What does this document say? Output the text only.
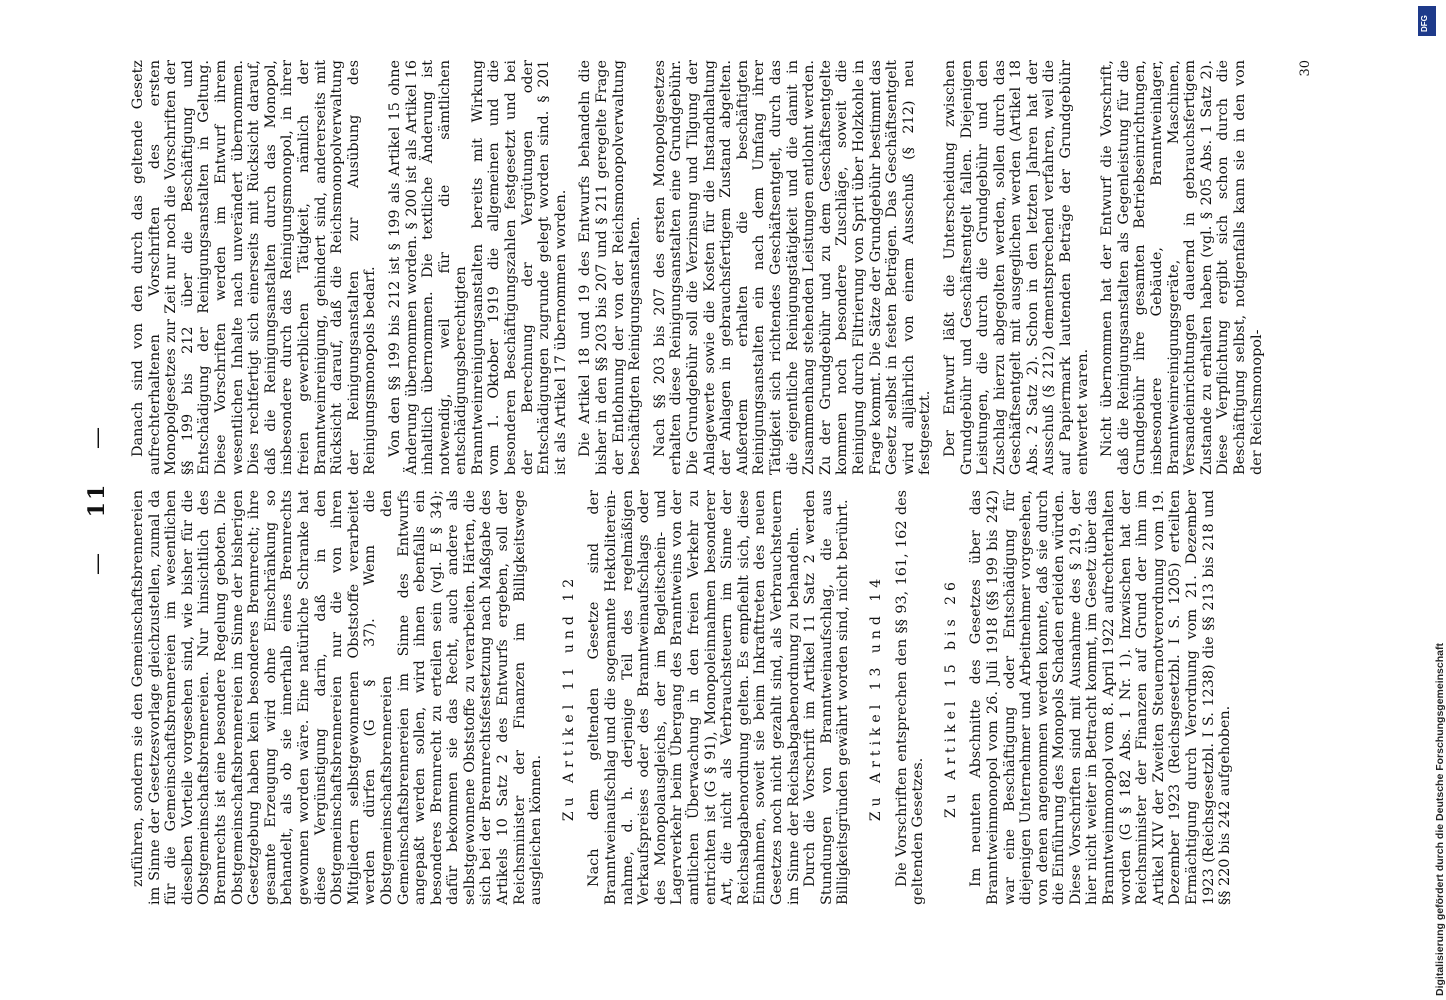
— 11 —

zuführen, sondern sie den Gemeinschaftsbrennereien im Sinne der Gesetzesvorlage gleichzustellen, zumal da für die Gemeinschaftsbrennereien im wesentlichen dieselben Vorteile vorgesehen sind, wie bisher für die Obstgemeinschaftsbrennereien. Nur hinsichtlich des Brennrechts ist eine besondere Regelung geboten. Die Obstgemeinschaftsbrennereien im Sinne der bisherigen Gesetzgebung haben kein besonderes Brennrecht; ihre gesamte Erzeugung wird ohne Einschränkung so behandelt, als ob sie innerhalb eines Brennrechts gewonnen worden wäre. Eine natürliche Schranke hat diese Vergünstigung darin, daß in den Obstgemeinschaftsbrennereien nur die von ihren Mitgliedern selbstgewonnenen Obststoffe verarbeitet werden dürfen (G § 37). Wenn die Obstgemeinschaftsbrennereien den Gemeinschaftsbrennereien im Sinne des Entwurfs angepaßt werden sollen, wird ihnen ebenfalls ein besonderes Brennrecht zu erteilen sein (vgl. E § 34); dafür bekommen sie das Recht, auch andere als selbstgewonnene Obststoffe zu verarbeiten. Härten, die sich bei der Brennrechtsfestsetzung nach Maßgabe des Artikels 10 Satz 2 des Entwurfs ergeben, soll der Reichsminister der Finanzen im Billigkeitswege ausgleichen können.

Zu Artikel 11 und 12 Nach dem geltenden Gesetze sind der Branntweinaufschlag und die sogenannte Hektolitereinnahme, d. h. derjenige Teil des regelmäßigen Verkaufspreises oder des Branntweinaufschlags oder des Monopolausgleichs, der im Begleitschein- und Lagerverkehr beim Übergang des Branntweins von der amtlichen Überwachung in den freien Verkehr zu entrichten ist (G § 91), Monopoleinnahmen besonderer Art, die nicht als Verbrauchsteuern im Sinne der Reichsabgabenordnung gelten. Es empfiehlt sich, diese Einnahmen, soweit sie beim Inkrafttreten des neuen Gesetzes noch nicht gezahlt sind, als Verbrauchsteuern im Sinne der Reichsabgabenordnung zu behandeln. Durch die Vorschrift im Artikel 11 Satz 2 werden Stundungen von Branntweinaufschlag, die aus Billigkeitsgründen gewährt worden sind, nicht berührt. Zu Artikel 13 und 14 Die Vorschriften entsprechen den §§ 93, 161, 162 des geltenden Gesetzes.

Zu Artikel 15 bis 26 Im neunten Abschnitte des Gesetzes über das Branntweinmonopol vom 26. Juli 1918 (§§ 199 bis 242) war eine Beschäftigung oder Entschädigung für diejenigen Unternehmer und Arbeitnehmer vorgesehen, von denen angenommen werden konnte, daß sie durch die Einführung des Monopols Schaden erleiden würden. Diese Vorschriften sind mit Ausnahme des § 219, der hier nicht weiter in Betracht kommt, im Gesetz über das Branntweinmonopol vom 8. April 1922 aufrechterhalten worden (G § 182 Abs. 1 Nr. 1). Inzwischen hat der Reichsminister der Finanzen auf Grund der ihm im Artikel XIV der Zweiten Steuernotverordnung vom 19. Dezember 1923 (Reichsgesetzbl. I S. 1205) erteilten Ermächtigung durch Verordnung vom 21. Dezember 1923 (Reichsgesetzbl. I S. 1238) die §§ 213 bis 218 und §§ 220 bis 242 aufgehoben.

Danach sind von den durch das geltende Gesetz aufrechterhaltenen Vorschriften des ersten Monopolgesetzes zur Zeit nur noch die Vorschriften der §§ 199 bis 212 über die Beschäftigung und Entschädigung der Reinigungsanstalten in Geltung. Diese Vorschriften werden im Entwurf ihrem wesentlichen Inhalte nach unverändert übernommen. Dies rechtfertigt sich einerseits mit Rücksicht darauf, daß die Reinigungsanstalten durch das Monopol, insbesondere durch das Reinigungsmonopol, in ihrer freien gewerblichen Tätigkeit, nämlich der Branntweinreinigung, gehindert sind, andererseits mit Rücksicht darauf, daß die Reichsmonopolverwaltung der Reinigungsanstalten zur Ausübung des Reinigungsmonopols bedarf. Von den §§ 199 bis 212 ist § 199 als Artikel 15 ohne Änderung übernommen worden. § 200 ist als Artikel 16 inhaltlich übernommen. Die textliche Änderung ist notwendig, weil für die sämtlichen entschädigungsberechtigten Branntweinreinigungsanstalten bereits mit Wirkung vom 1. Oktober 1919 die allgemeinen und die besonderen Beschäftigungszahlen festgesetzt und bei der Berechnung der Vergütungen oder Entschädigungen zugrunde gelegt worden sind. § 201 ist als Artikel 17 übernommen worden. Die Artikel 18 und 19 des Entwurfs behandeln die bisher in den §§ 203 bis 207 und § 211 geregelte Frage der Entlohnung der von der Reichsmonopolverwaltung beschäftigten Reinigungsanstalten. Nach §§ 203 bis 207 des ersten Monopolgesetzes erhalten diese Reinigungsanstalten eine Grundgebühr. Die Grundgebühr soll die Verzinsung und Tilgung der Anlagewerte sowie die Kosten für die Instandhaltung der Anlagen in gebrauchsfertigem Zustand abgelten. Außerdem erhalten die beschäftigten Reinigungsanstalten ein nach dem Umfang ihrer Tätigkeit sich richtendes Geschäftsentgelt, durch das die eigentliche Reinigungstätigkeit und die damit in Zusammenhang stehenden Leistungen entlohnt werden. Zu der Grundgebühr und zu dem Geschäftsentgelte kommen noch besondere Zuschläge, soweit die Reinigung durch Filtrierung von Sprit über Holzkohle in Frage kommt. Die Sätze der Grundgebühr bestimmt das Gesetz selbst in festen Beträgen. Das Geschäftsentgelt wird alljährlich von einem Ausschuß (§ 212) neu festgesetzt. Der Entwurf läßt die Unterscheidung zwischen Grundgebühr und Geschäftsentgelt fallen. Diejenigen Leistungen, die durch die Grundgebühr und den Zuschlag hierzu abgegolten werden, sollen durch das Geschäftsentgelt mit ausgeglichen werden (Artikel 18 Abs. 2 Satz 2). Schon in den letzten Jahren hat der Ausschuß (§ 212) dementsprechend verfahren, weil die auf Papiermark lautenden Beträge der Grundgebühr entwertet waren. Nicht übernommen hat der Entwurf die Vorschrift, daß die Reinigungsanstalten als Gegenleistung für die Grundgebühr ihre gesamten Betriebseinrichtungen, insbesondere Gebäude, Branntweinlager, Branntweinreinigungsgeräte, Maschinen, Versandeinrichtungen dauernd in gebrauchsfertigem Zustande zu erhalten haben (vgl. § 205 Abs. 1 Satz 2). Diese Verpflichtung ergibt sich schon durch die Beschäftigung selbst, notigenfalls kann sie in den von der Reichsmonopol-

30
DFG
Digitalisierung gefördert durch die Deutsche Forschungsgemeinschaft
